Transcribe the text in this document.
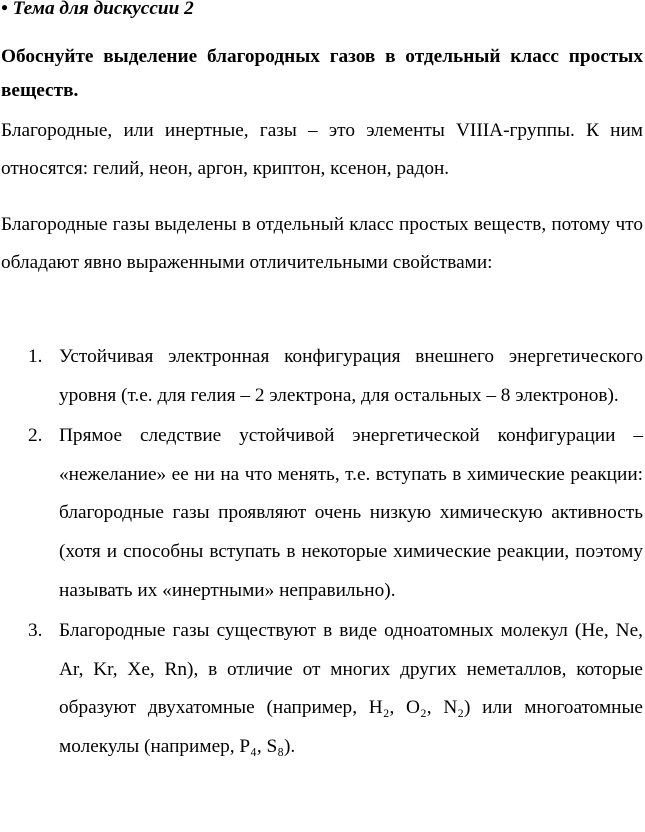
• Тема для дискуссии 2

Обоснуйте выделение благородных газов в отдельный класс простых веществ.

Благородные, или инертные, газы – это элементы VIIIA-группы. К ним относятся: гелий, неон, аргон, криптон, ксенон, радон.

Благородные газы выделены в отдельный класс простых веществ, потому что обладают явно выраженными отличительными свойствами:

1. Устойчивая электронная конфигурация внешнего энергетического уровня (т.е. для гелия – 2 электрона, для остальных – 8 электронов).
2. Прямое следствие устойчивой энергетической конфигурации – «нежелание» ее ни на что менять, т.е. вступать в химические реакции: благородные газы проявляют очень низкую химическую активность (хотя и способны вступать в некоторые химические реакции, поэтому называть их «инертными» неправильно).
3. Благородные газы существуют в виде одноатомных молекул (He, Ne, Ar, Kr, Xe, Rn), в отличие от многих других неметаллов, которые образуют двухатомные (например, H₂, O₂, N₂) или многоатомные молекулы (например, P₄, S₈).
